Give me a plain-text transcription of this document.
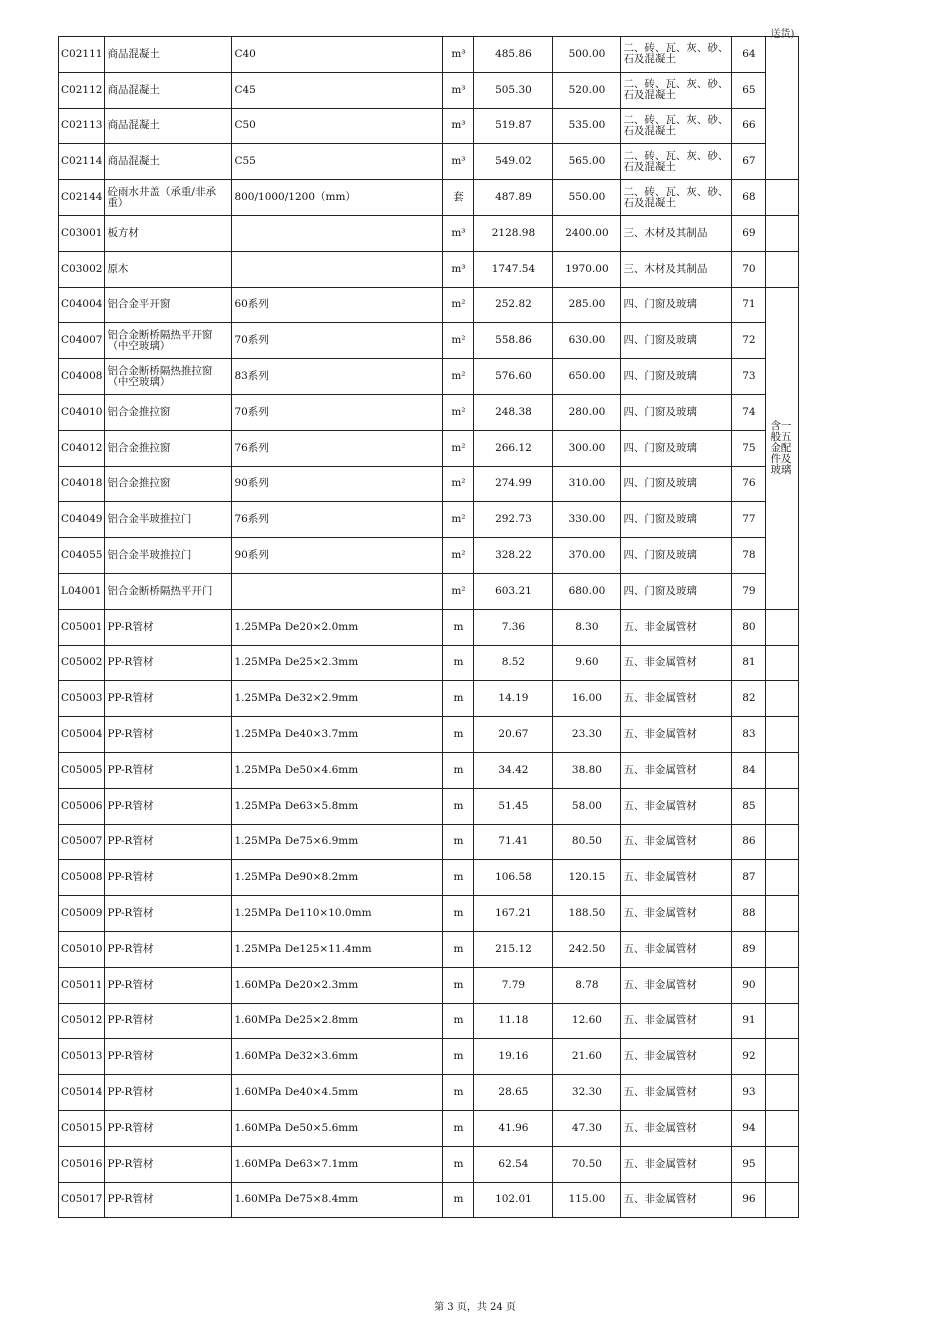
C02111	商品混凝土	C40	m³	485.86	500.00	二、砖、瓦、灰、砂、石及混凝土	64	送货)	

C02112	商品混凝土	C45	m³	505.30	520.00	二、砖、瓦、灰、砂、石及混凝土	65		
C02113	商品混凝土	C50	m³	519.87	535.00	二、砖、瓦、灰、砂、石及混凝土	66		
C02114	商品混凝土	C55	m³	549.02	565.00	二、砖、瓦、灰、砂、石及混凝土	67		
C02144	砼雨水井盖（承重/非承重）	800/1000/1200（mm）	套	487.89	550.00	二、砖、瓦、灰、砂、石及混凝土	68		
C03001	板方材		m³	2128.98	2400.00	三、木材及其制品	69		
C03002	原木		m³	1747.54	1970.00	三、木材及其制品	70		
C04004	铝合金平开窗	60系列	m²	252.82	285.00	四、门窗及玻璃	71	含一般五金配件及玻璃	
C04007	铝合金断桥隔热平开窗（中空玻璃）	70系列	m²	558.86	630.00	四、门窗及玻璃	72		
C04008	铝合金断桥隔热推拉窗（中空玻璃）	83系列	m²	576.60	650.00	四、门窗及玻璃	73		
C04010	铝合金推拉窗	70系列	m²	248.38	280.00	四、门窗及玻璃	74		
C04012	铝合金推拉窗	76系列	m²	266.12	300.00	四、门窗及玻璃	75		
C04018	铝合金推拉窗	90系列	m²	274.99	310.00	四、门窗及玻璃	76		
C04049	铝合金半玻推拉门	76系列	m²	292.73	330.00	四、门窗及玻璃	77		
C04055	铝合金半玻推拉门	90系列	m²	328.22	370.00	四、门窗及玻璃	78		
L04001	铝合金断桥隔热平开门		m²	603.21	680.00	四、门窗及玻璃	79		
C05001	PP-R管材	1.25MPa De20×2.0mm	m	7.36	8.30	五、非金属管材	80		
C05002	PP-R管材	1.25MPa De25×2.3mm	m	8.52	9.60	五、非金属管材	81		
C05003	PP-R管材	1.25MPa De32×2.9mm	m	14.19	16.00	五、非金属管材	82		
C05004	PP-R管材	1.25MPa De40×3.7mm	m	20.67	23.30	五、非金属管材	83		
C05005	PP-R管材	1.25MPa De50×4.6mm	m	34.42	38.80	五、非金属管材	84		
C05006	PP-R管材	1.25MPa De63×5.8mm	m	51.45	58.00	五、非金属管材	85		
C05007	PP-R管材	1.25MPa De75×6.9mm	m	71.41	80.50	五、非金属管材	86		
C05008	PP-R管材	1.25MPa De90×8.2mm	m	106.58	120.15	五、非金属管材	87		
C05009	PP-R管材	1.25MPa De110×10.0mm	m	167.21	188.50	五、非金属管材	88		
C05010	PP-R管材	1.25MPa De125×11.4mm	m	215.12	242.50	五、非金属管材	89		
C05011	PP-R管材	1.60MPa De20×2.3mm	m	7.79	8.78	五、非金属管材	90		
C05012	PP-R管材	1.60MPa De25×2.8mm	m	11.18	12.60	五、非金属管材	91		
C05013	PP-R管材	1.60MPa De32×3.6mm	m	19.16	21.60	五、非金属管材	92		
C05014	PP-R管材	1.60MPa De40×4.5mm	m	28.65	32.30	五、非金属管材	93		
C05015	PP-R管材	1.60MPa De50×5.6mm	m	41.96	47.30	五、非金属管材	94		
C05016	PP-R管材	1.60MPa De63×7.1mm	m	62.54	70.50	五、非金属管材	95		
C05017	PP-R管材	1.60MPa De75×8.4mm	m	102.01	115.00	五、非金属管材	96		
第 3 页，共 24 页
